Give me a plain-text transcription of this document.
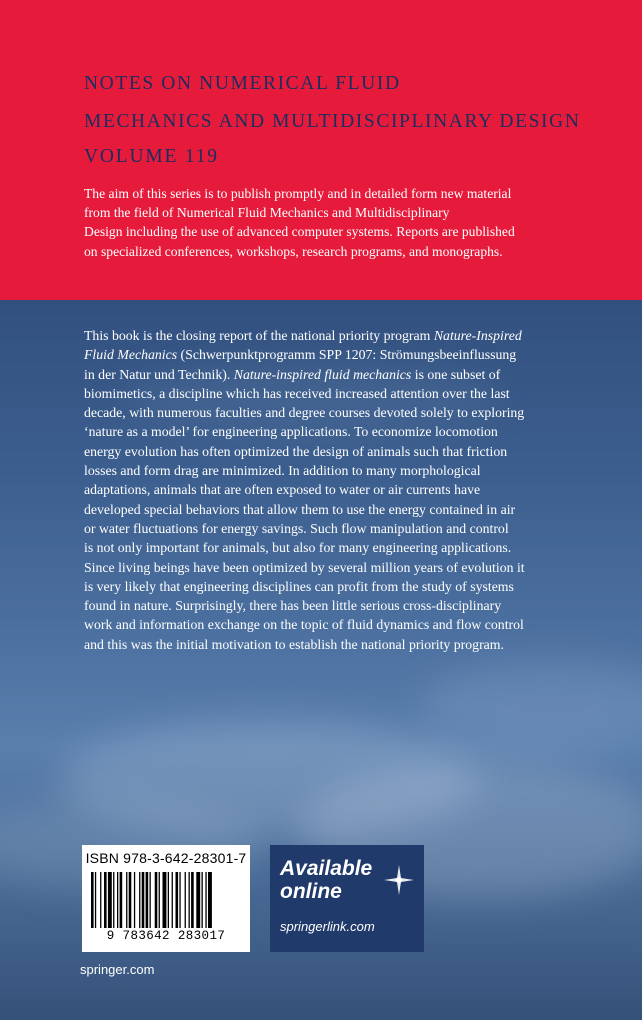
NOTES ON NUMERICAL FLUID
MECHANICS AND MULTIDISCIPLINARY DESIGN
VOLUME 119

The aim of this series is to publish promptly and in detailed form new material
from the field of Numerical Fluid Mechanics and Multidisciplinary
Design including the use of advanced computer systems. Reports are published
on specialized conferences, workshops, research programs, and monographs.

This book is the closing report of the national priority program Nature-Inspired
Fluid Mechanics (Schwerpunktprogramm SPP 1207: Strömungsbeeinflussung
in der Natur und Technik). Nature-inspired fluid mechanics is one subset of
biomimetics, a discipline which has received increased attention over the last
decade, with numerous faculties and degree courses devoted solely to exploring
‘nature as a model’ for engineering applications. To economize locomotion
energy evolution has often optimized the design of animals such that friction
losses and form drag are minimized. In addition to many morphological
adaptations, animals that are often exposed to water or air currents have
developed special behaviors that allow them to use the energy contained in air
or water fluctuations for energy savings. Such flow manipulation and control
is not only important for animals, but also for many engineering applications.
Since living beings have been optimized by several million years of evolution it
is very likely that engineering disciplines can profit from the study of systems
found in nature. Surprisingly, there has been little serious cross-disciplinary
work and information exchange on the topic of fluid dynamics and flow control
and this was the initial motivation to establish the national priority program.
ISBN 978-3-642-28301-7
9 783642 283017

Available
online

springerlink.com
springer.com
